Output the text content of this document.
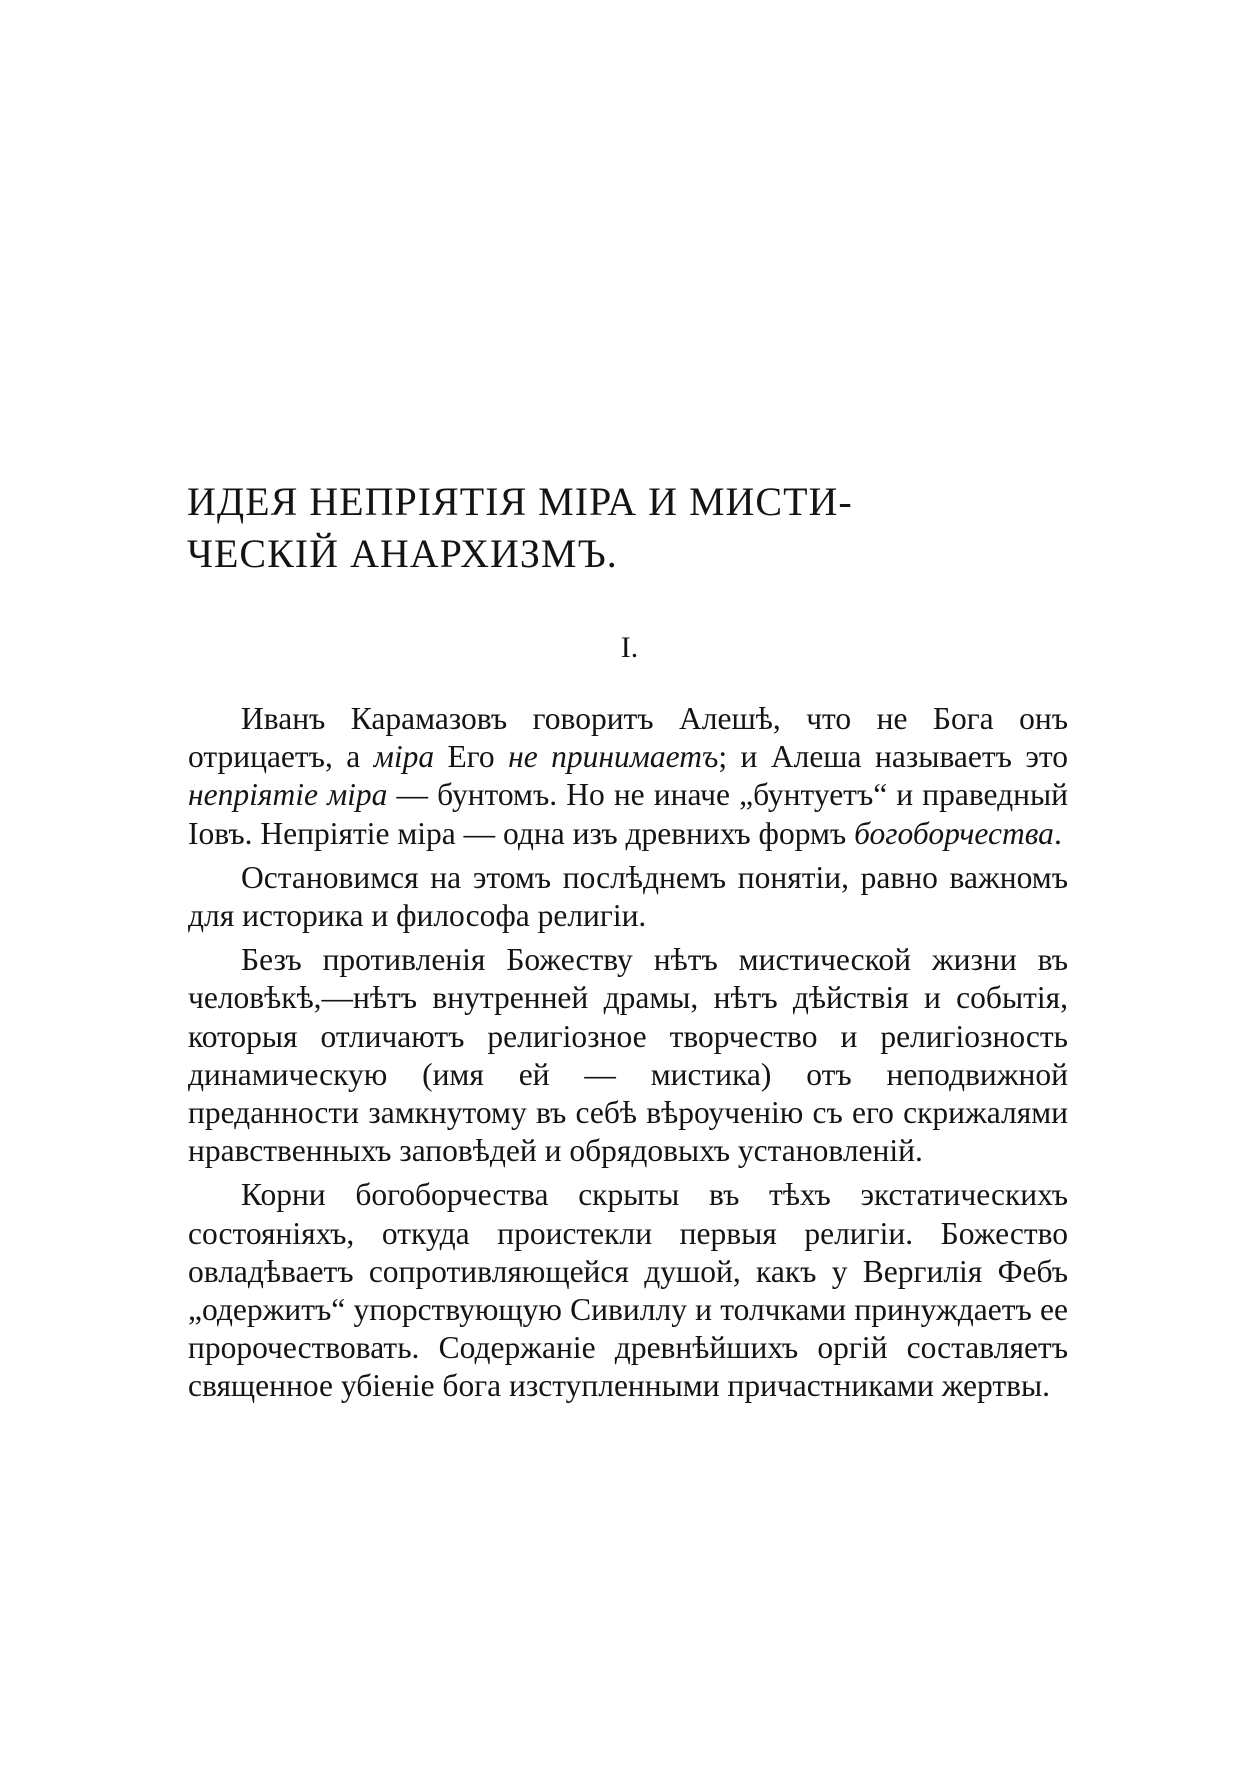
ИДЕЯ НЕПРІЯТІЯ МІРА И МИСТИ-
ЧЕСКІЙ АНАРХИЗМЪ.
I.

Иванъ Карамазовъ говоритъ Алешѣ, что не Бога онъ отрицаетъ, а міра Его не принимаетъ; и Алеша называетъ это непріятіе міра — бунтомъ. Но не иначе „бунтуетъ“ и праведный Іовъ. Непріятіе міра — одна изъ древнихъ формъ богоборчества.

Остановимся на этомъ послѣднемъ понятіи, равно важномъ для историка и философа религіи.

Безъ противленія Божеству нѣтъ мистической жизни въ человѣкѣ,—нѣтъ внутренней драмы, нѣтъ дѣйствія и событія, которыя отличаютъ религіозное творчество и религіозность динамическую (имя ей — мистика) отъ неподвижной преданности замкнутому въ себѣ вѣроученію съ его скрижалями нравственныхъ заповѣдей и обрядовыхъ установленій.

Корни богоборчества скрыты въ тѣхъ экстатическихъ состояніяхъ, откуда проистекли первыя религіи. Божество овладѣваетъ сопротивляющейся душой, какъ у Вергилія Фебъ „одержитъ“ упорствующую Сивиллу и толчками принуждаетъ ее пророчествовать. Содержаніе древнѣйшихъ оргій составляетъ священное убіеніе бога изступленными причастниками жертвы.
